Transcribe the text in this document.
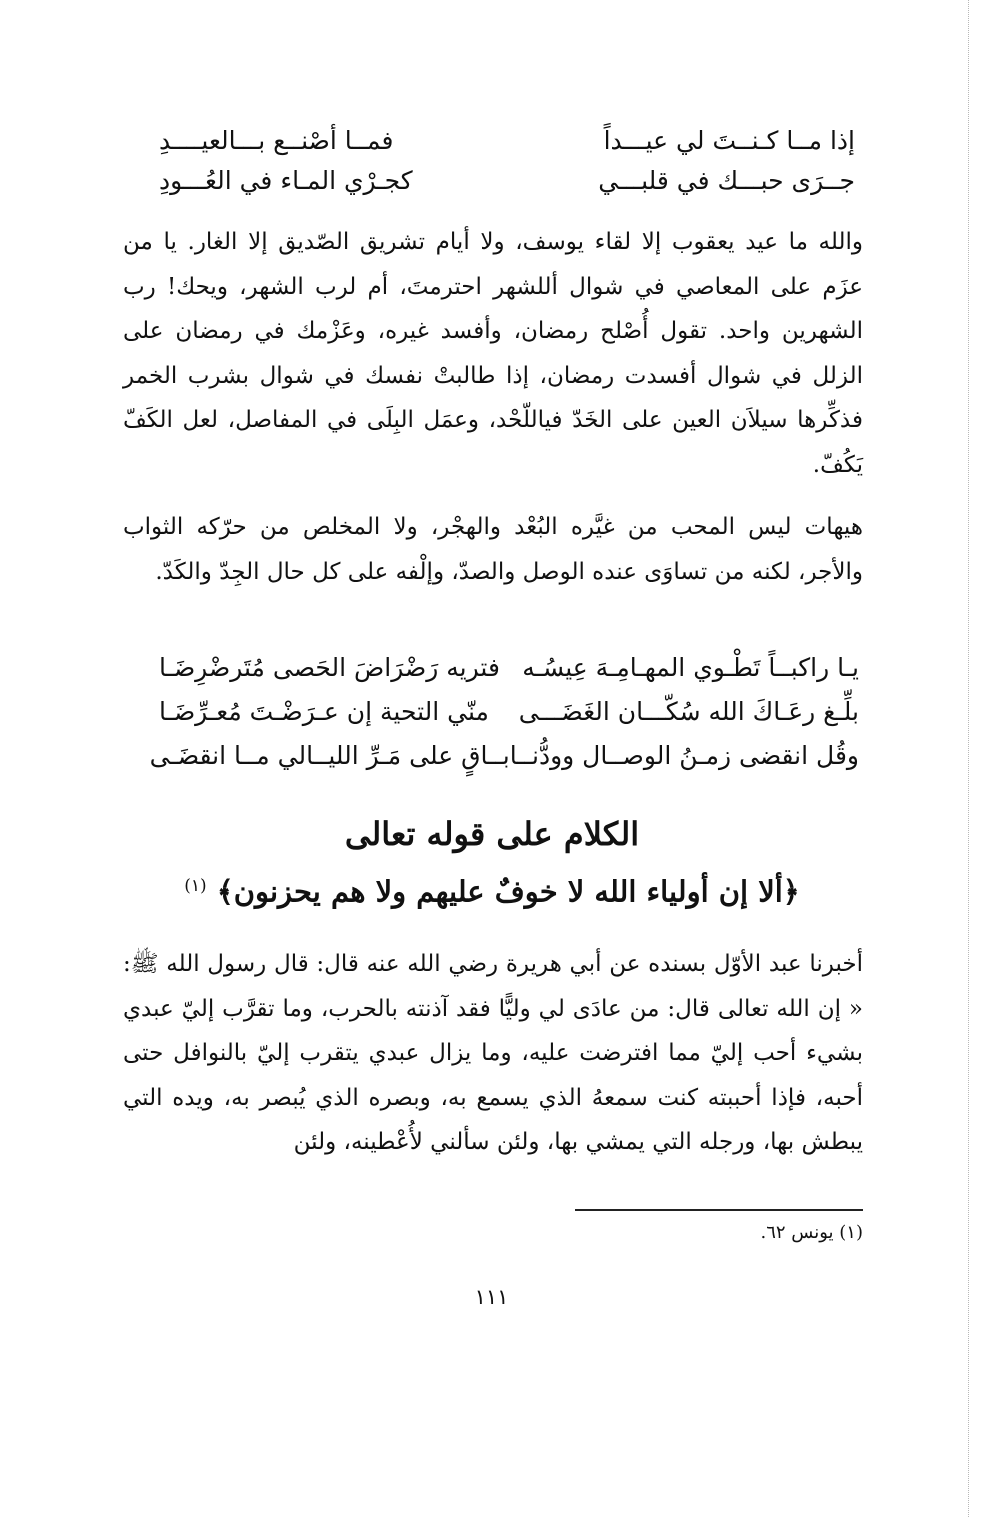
إذا مــا كـنــتَ لي عيـــداً
فمــا أصْنــع بـــالعيــــدِ
جــرَى حبـــك في قلبـــي
كجـرْي المـاء في العُـــودِ

والله ما عيد يعقوب إلا لقاء يوسف، ولا أيام تشريق الصّديق إلا الغار. يا من عزَم على المعاصي في شوال أللشهر احترمتَ، أم لرب الشهر، ويحك! رب الشهرين واحد. تقول أُصْلح رمضان، وأفسد غيره، وعَزْمك في رمضان على الزلل في شوال أفسدت رمضان، إذا طالبتْ نفسك في شوال بشرب الخمر فذكِّرها سيلاَن العين على الخَدّ فياللّحْد، وعمَل البِلَى في المفاصل، لعل الكَفّ يَكُفّ.

هيهات ليس المحب من غيَّره البُعْد والهجْر، ولا المخلص من حرّكه الثواب والأجر، لكنه من تساوَى عنده الوصل والصدّ، وإلْفه على كل حال الجِدّ والكَدّ.

يـا راكبــاً تَطْـوي المهـامِـهَ عِيسُـه
فتريه رَضْرَاضَ الحَصى مُتَرضْرِضَـا
بلِّـغ رعَـاكَ الله سُكّـــان الغَضَـــى
منّي التحية إن عـرَضْـتَ مُعـرِّضَـا
وقُل انقضى زمـنُ الوصــال وودُّنــا
بــاقٍ على مَـرِّ الليــالي مــا انقضَـى
الكلام على قوله تعالى
﴿ألا إن أولياء الله لا خوفٌ عليهم ولا هم يحزنون﴾ $^{(١)}$

أخبرنا عبد الأوّل بسنده عن أبي هريرة رضي الله عنه قال: قال رسول الله ﷺ: « إن الله تعالى قال: من عادَى لي وليًّا فقد آذنته بالحرب، وما تقرَّب إليّ عبدي بشيء أحب إليّ مما افترضت عليه، وما يزال عبدي يتقرب إليّ بالنوافل حتى أحبه، فإذا أحببته كنت سمعهُ الذي يسمع به، وبصره الذي يُبصر به، ويده التي يبطش بها، ورجله التي يمشي بها، ولئن سألني لأُعْطينه، ولئن

(١) يونس ٦٢.
١١١
